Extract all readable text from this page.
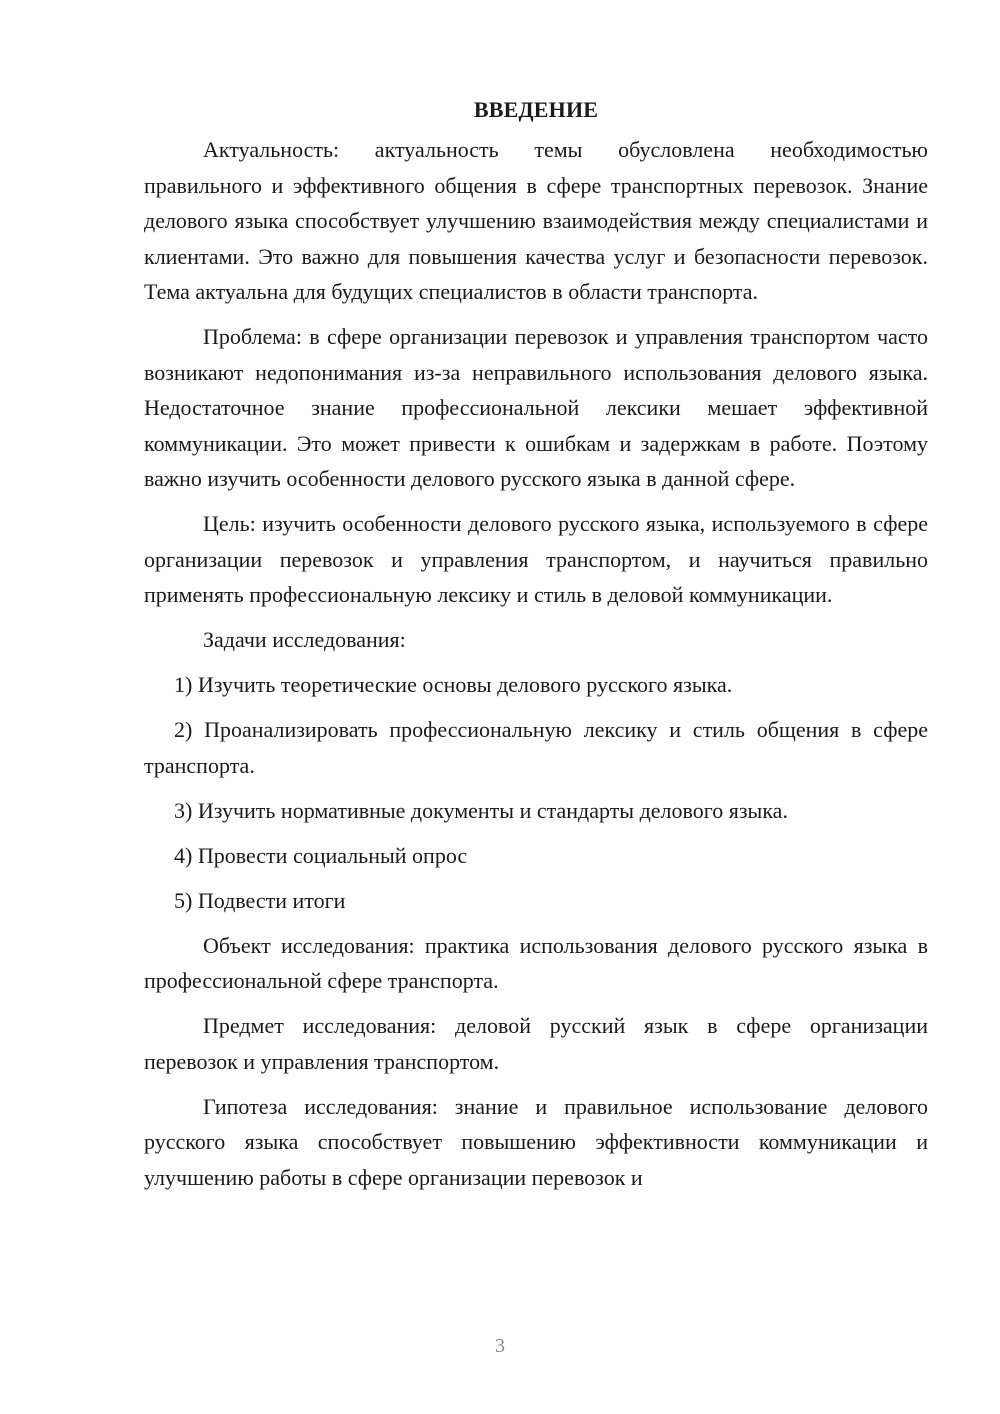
ВВЕДЕНИЕ

Актуальность: актуальность темы обусловлена необходимостью правильного и эффективного общения в сфере транспортных перевозок. Знание делового языка способствует улучшению взаимодействия между специалистами и клиентами. Это важно для повышения качества услуг и безопасности перевозок. Тема актуальна для будущих специалистов в области транспорта.

Проблема: в сфере организации перевозок и управления транспортом часто возникают недопонимания из-за неправильного использования делового языка. Недостаточное знание профессиональной лексики мешает эффективной коммуникации. Это может привести к ошибкам и задержкам в работе. Поэтому важно изучить особенности делового русского языка в данной сфере.

Цель: изучить особенности делового русского языка, используемого в сфере организации перевозок и управления транспортом, и научиться правильно применять профессиональную лексику и стиль в деловой коммуникации.

Задачи исследования:

1) Изучить теоретические основы делового русского языка.

2) Проанализировать профессиональную лексику и стиль общения в сфере транспорта.

3) Изучить нормативные документы и стандарты делового языка.

4) Провести социальный опрос

5) Подвести итоги

Объект исследования: практика использования делового русского языка в профессиональной сфере транспорта.

Предмет исследования: деловой русский язык в сфере организации перевозок и управления транспортом.

Гипотеза исследования: знание и правильное использование делового русского языка способствует повышению эффективности коммуникации и улучшению работы в сфере организации перевозок и

3
